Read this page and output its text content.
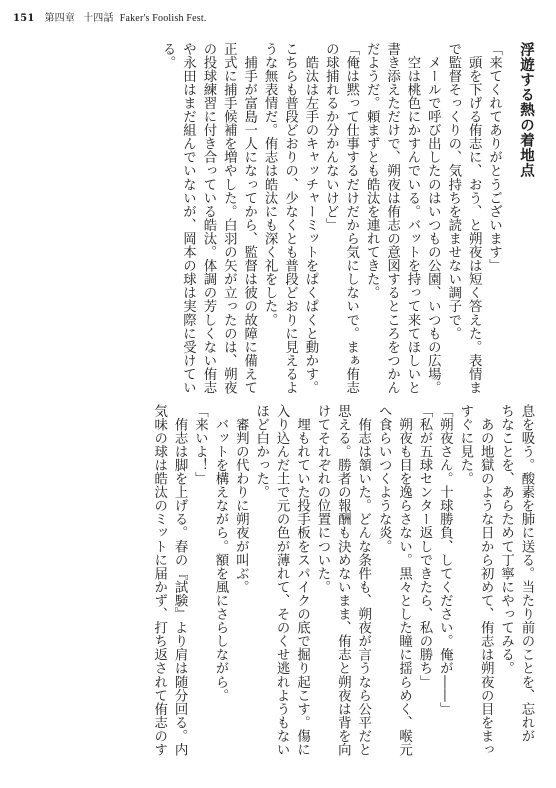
151 第四章 十四話 Faker's Foolish Fest.

浮遊する熱の着地点

「来てくれてありがとうございます」

　頭を下げる侑志に、おう、と朔夜は短く答えた。表情ま

で監督そっくりの、気持ちを読ませない調子で。

　メールで呼び出したのはいつもの公園、いつもの広場。

　空は桃色にかすんでいる。バットを持って来てほしいと

書き添えただけで、朔夜は侑志の意図するところをつかん

だようだ。頼まずとも皓汰を連れてきた。

「俺は黙って仕事するだけだから気にしないで。まぁ侑志

の球捕れるか分かんないけど」

　皓汰は左手のキャッチャーミットをぱくぱくと動かす。

こちらも普段どおりの、少なくとも普段どおりに見えるよ

うな無表情だ。侑志は皓汰にも深く礼をした。

　捕手が富島一人になってから、監督は彼の故障に備えて

正式に捕手候補を増やした。白羽の矢が立ったのは、朔夜

の投球練習に付き合っている皓汰。体調の芳しくない侑志

や永田はまだ組んでいないが、岡本の球は実際に受けてい

る。

息を吸う。酸素を肺に送る。当たり前のことを、忘れが

ちなことを、あらためて丁寧にやってみる。

　あの地獄のような日から初めて、侑志は朔夜の目をまっ

すぐに見た。

「朔夜さん。十球勝負、してください。俺が――」

「私が五球センター返しできたら、私の勝ち」

　朔夜も目を逸らさない。黒々とした瞳に揺らめく、喉元

へ食らいつくような炎。

　侑志は頷いた。どんな条件も、朔夜が言うなら公平だと

思える。勝者の報酬も決めないまま、侑志と朔夜は背を向

けてそれぞれの位置についた。

　埋もれていた投手板をスパイクの底で掘り起こす。傷に

入り込んだ土で元の色が薄れて、そのくせ逃れようもない

ほど白かった。

　審判の代わりに朔夜が叫ぶ。

　バットを構えながら。額を風にさらしながら。

「来いよ！」

　侑志は脚を上げる。春の『試験』より肩は随分回る。内

気味の球は皓汰のミットに届かず、打ち返されて侑志のす
